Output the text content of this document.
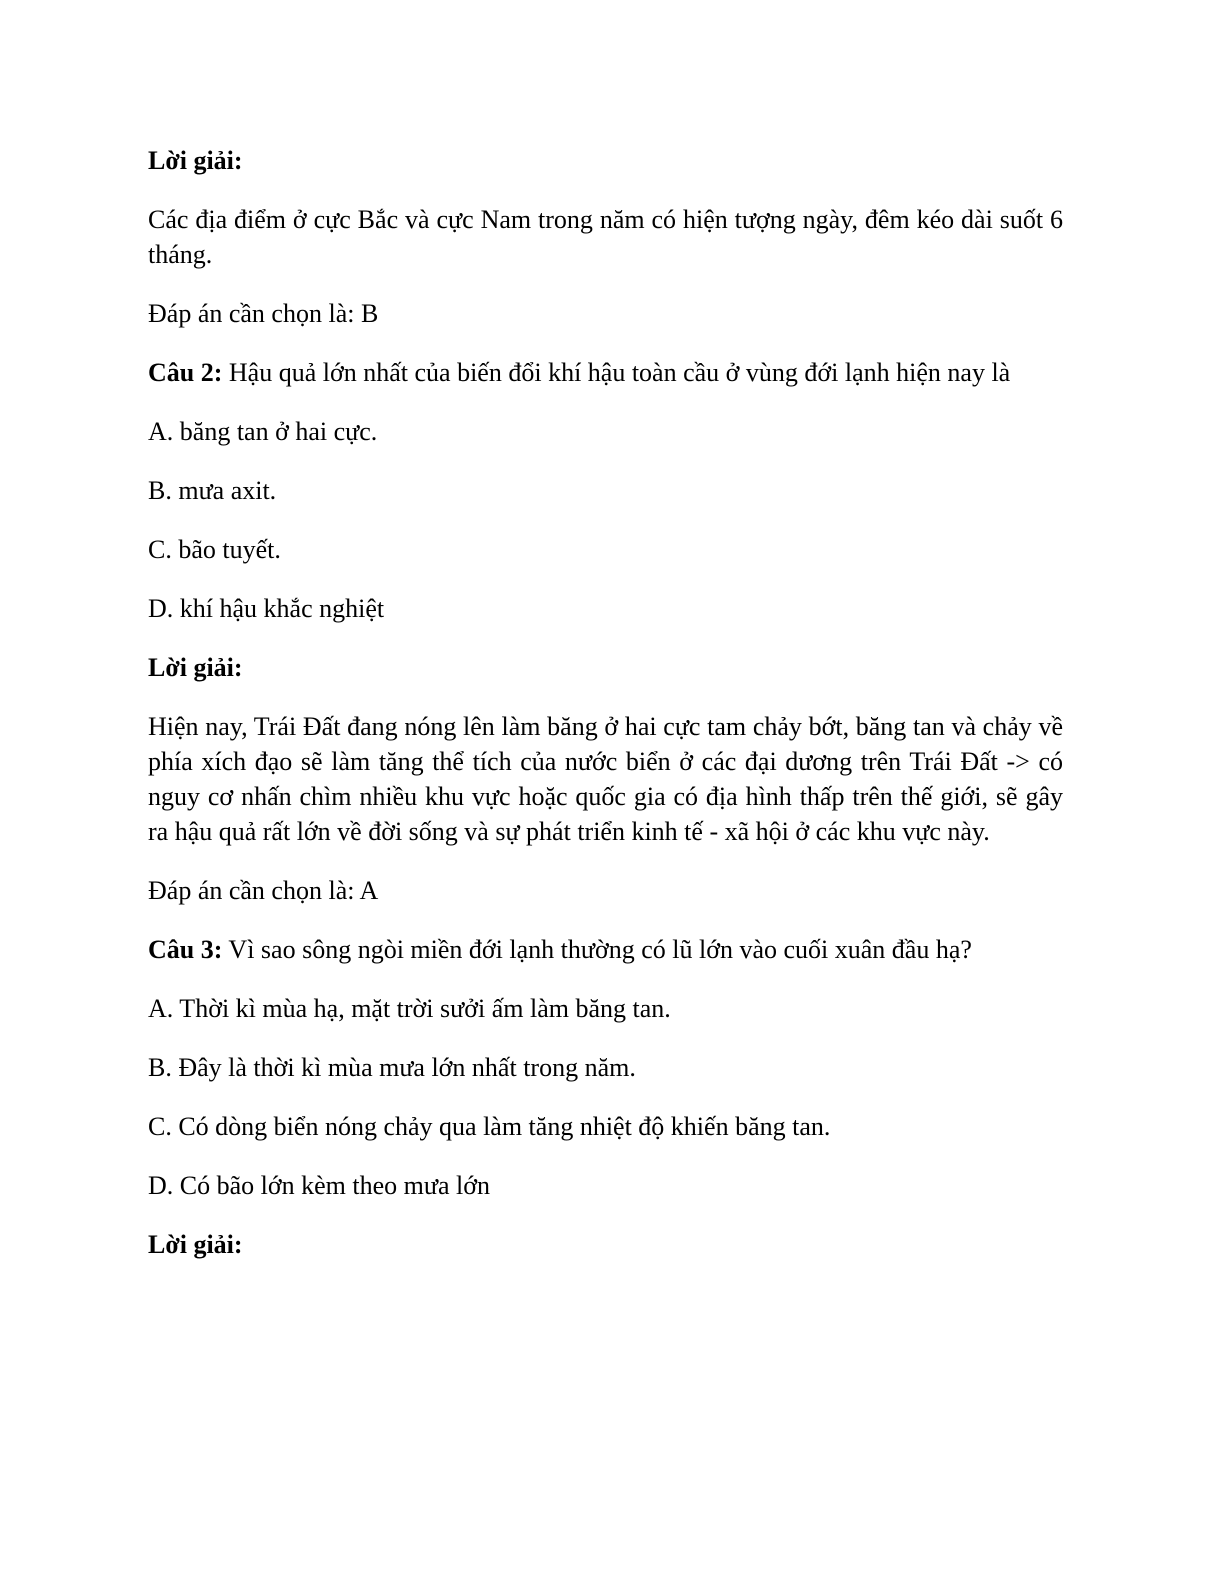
Lời giải:

Các địa điểm ở cực Bắc và cực Nam trong năm có hiện tượng ngày, đêm kéo dài suốt 6 tháng.

Đáp án cần chọn là: B

Câu 2: Hậu quả lớn nhất của biến đổi khí hậu toàn cầu ở vùng đới lạnh hiện nay là

A. băng tan ở hai cực.

B. mưa axit.

C. bão tuyết.

D. khí hậu khắc nghiệt

Lời giải:

Hiện nay, Trái Đất đang nóng lên làm băng ở hai cực tam chảy bớt, băng tan và chảy về phía xích đạo sẽ làm tăng thể tích của nước biển ở các đại dương trên Trái Đất -> có nguy cơ nhấn chìm nhiều khu vực hoặc quốc gia có địa hình thấp trên thế giới, sẽ gây ra hậu quả rất lớn về đời sống và sự phát triển kinh tế - xã hội ở các khu vực này.

Đáp án cần chọn là: A

Câu 3: Vì sao sông ngòi miền đới lạnh thường có lũ lớn vào cuối xuân đầu hạ?

A. Thời kì mùa hạ, mặt trời sưởi ấm làm băng tan.

B. Đây là thời kì mùa mưa lớn nhất trong năm.

C. Có dòng biển nóng chảy qua làm tăng nhiệt độ khiến băng tan.

D. Có bão lớn kèm theo mưa lớn

Lời giải:
